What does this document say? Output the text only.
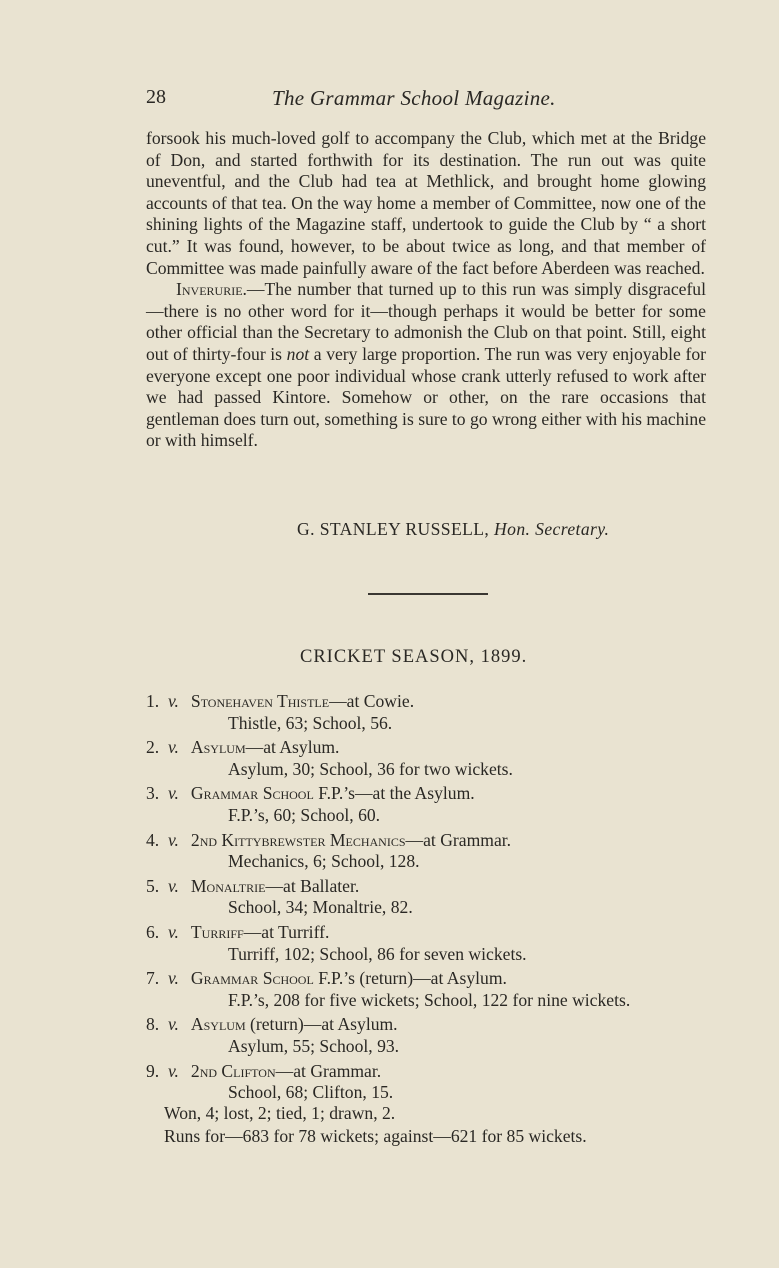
28	The Grammar School Magazine.

forsook his much-loved golf to accompany the Club, which met at the Bridge of Don, and started forthwith for its destination. The run out was quite uneventful, and the Club had tea at Methlick, and brought home glowing accounts of that tea. On the way home a member of Committee, now one of the shining lights of the Magazine staff, undertook to guide the Club by “ a short cut.” It was found, however, to be about twice as long, and that member of Committee was made painfully aware of the fact before Aberdeen was reached.

Inverurie.—The number that turned up to this run was simply disgraceful—there is no other word for it—though perhaps it would be better for some other official than the Secretary to admonish the Club on that point. Still, eight out of thirty-four is not a very large proportion. The run was very enjoyable for everyone except one poor individual whose crank utterly refused to work after we had passed Kintore. Somehow or other, on the rare occasions that gentleman does turn out, something is sure to go wrong either with his machine or with himself.

G. STANLEY RUSSELL, Hon. Secretary.
CRICKET SEASON, 1899.
1. v. Stonehaven Thistle—at Cowie.
Thistle, 63; School, 56.
2. v. Asylum—at Asylum.
Asylum, 30; School, 36 for two wickets.
3. v. Grammar School F.P.’s—at the Asylum.
F.P.’s, 60; School, 60.
4. v. 2nd Kittybrewster Mechanics—at Grammar.
Mechanics, 6; School, 128.
5. v. Monaltrie—at Ballater.
School, 34; Monaltrie, 82.
6. v. Turriff—at Turriff.
Turriff, 102; School, 86 for seven wickets.
7. v. Grammar School F.P.’s (return)—at Asylum.
F.P.’s, 208 for five wickets; School, 122 for nine wickets.
8. v. Asylum (return)—at Asylum.
Asylum, 55; School, 93.
9. v. 2nd Clifton—at Grammar.
School, 68; Clifton, 15.
Won, 4; lost, 2; tied, 1; drawn, 2.
Runs for—683 for 78 wickets; against—621 for 85 wickets.
